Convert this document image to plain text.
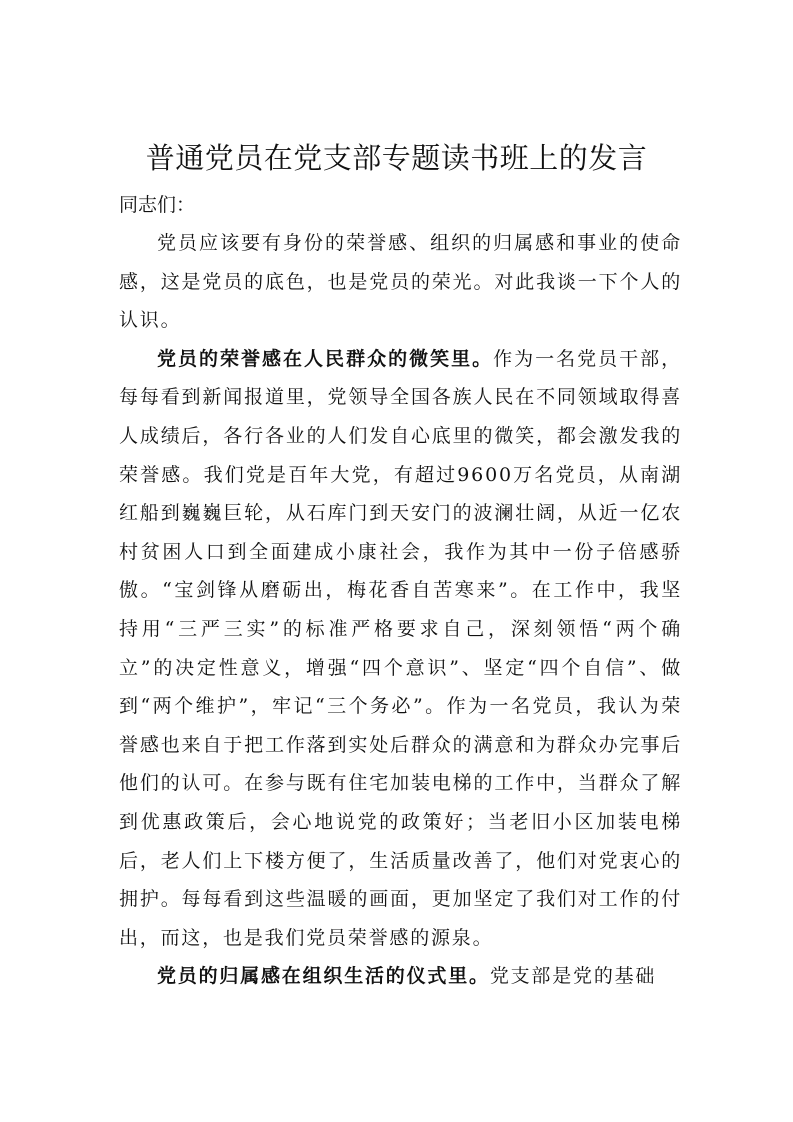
普通党员在党支部专题读书班上的发言

同志们：

党员应该要有身份的荣誉感、组织的归属感和事业的使命感，这是党员的底色，也是党员的荣光。对此我谈一下个人的认识。

党员的荣誉感在人民群众的微笑里。作为一名党员干部，每每看到新闻报道里，党领导全国各族人民在不同领域取得喜人成绩后，各行各业的人们发自心底里的微笑，都会激发我的荣誉感。我们党是百年大党，有超过9600万名党员，从南湖红船到巍巍巨轮，从石库门到天安门的波澜壮阔，从近一亿农村贫困人口到全面建成小康社会，我作为其中一份子倍感骄傲。“宝剑锋从磨砺出，梅花香自苦寒来”。在工作中，我坚持用“三严三实”的标准严格要求自己，深刻领悟“两个确立”的决定性意义，增强“四个意识”、坚定“四个自信”、做到“两个维护”，牢记“三个务必”。作为一名党员，我认为荣誉感也来自于把工作落到实处后群众的满意和为群众办完事后他们的认可。在参与既有住宅加装电梯的工作中，当群众了解到优惠政策后，会心地说党的政策好；当老旧小区加装电梯后，老人们上下楼方便了，生活质量改善了，他们对党衷心的拥护。每每看到这些温暖的画面，更加坚定了我们对工作的付出，而这，也是我们党员荣誉感的源泉。

党员的归属感在组织生活的仪式里。党支部是党的基础
